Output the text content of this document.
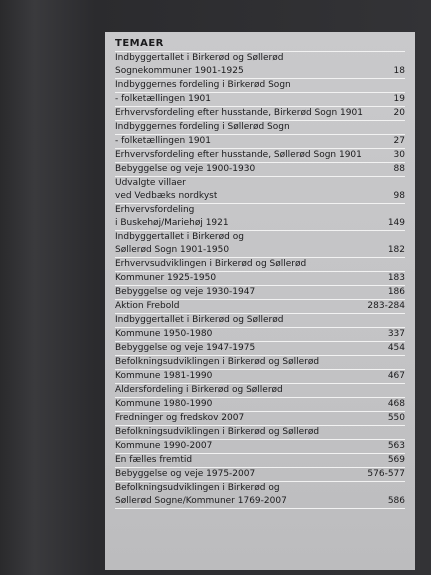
TEMAER
Indbyggertallet i Birkerød og Søllerød
Sognekommuner 1901-1925	18
Indbyggernes fordeling i Birkerød Sogn
- folketællingen 1901	19
Erhvervsfordeling efter husstande, Birkerød Sogn 1901	20
Indbyggernes fordeling i Søllerød Sogn
- folketællingen 1901	27
Erhvervsfordeling efter husstande, Søllerød Sogn 1901	30
Bebyggelse og veje 1900-1930	88
Udvalgte villaer
ved Vedbæks nordkyst	98
Erhvervsfordeling
i Buskehøj/Mariehøj 1921	149
Indbyggertallet i Birkerød og
Søllerød Sogn 1901-1950	182
Erhvervsudviklingen i Birkerød og Søllerød
Kommuner 1925-1950	183
Bebyggelse og veje 1930-1947	186
Aktion Frebold	283-284
Indbyggertallet i Birkerød og Søllerød
Kommune 1950-1980	337
Bebyggelse og veje 1947-1975	454
Befolkningsudviklingen i Birkerød og Søllerød
Kommune 1981-1990	467
Aldersfordeling i Birkerød og Søllerød
Kommune 1980-1990	468
Fredninger og fredskov 2007	550
Befolkningsudviklingen i Birkerød og Søllerød
Kommune 1990-2007	563
En fælles fremtid	569
Bebyggelse og veje 1975-2007	576-577
Befolkningsudviklingen i Birkerød og
Søllerød Sogne/Kommuner 1769-2007	586
